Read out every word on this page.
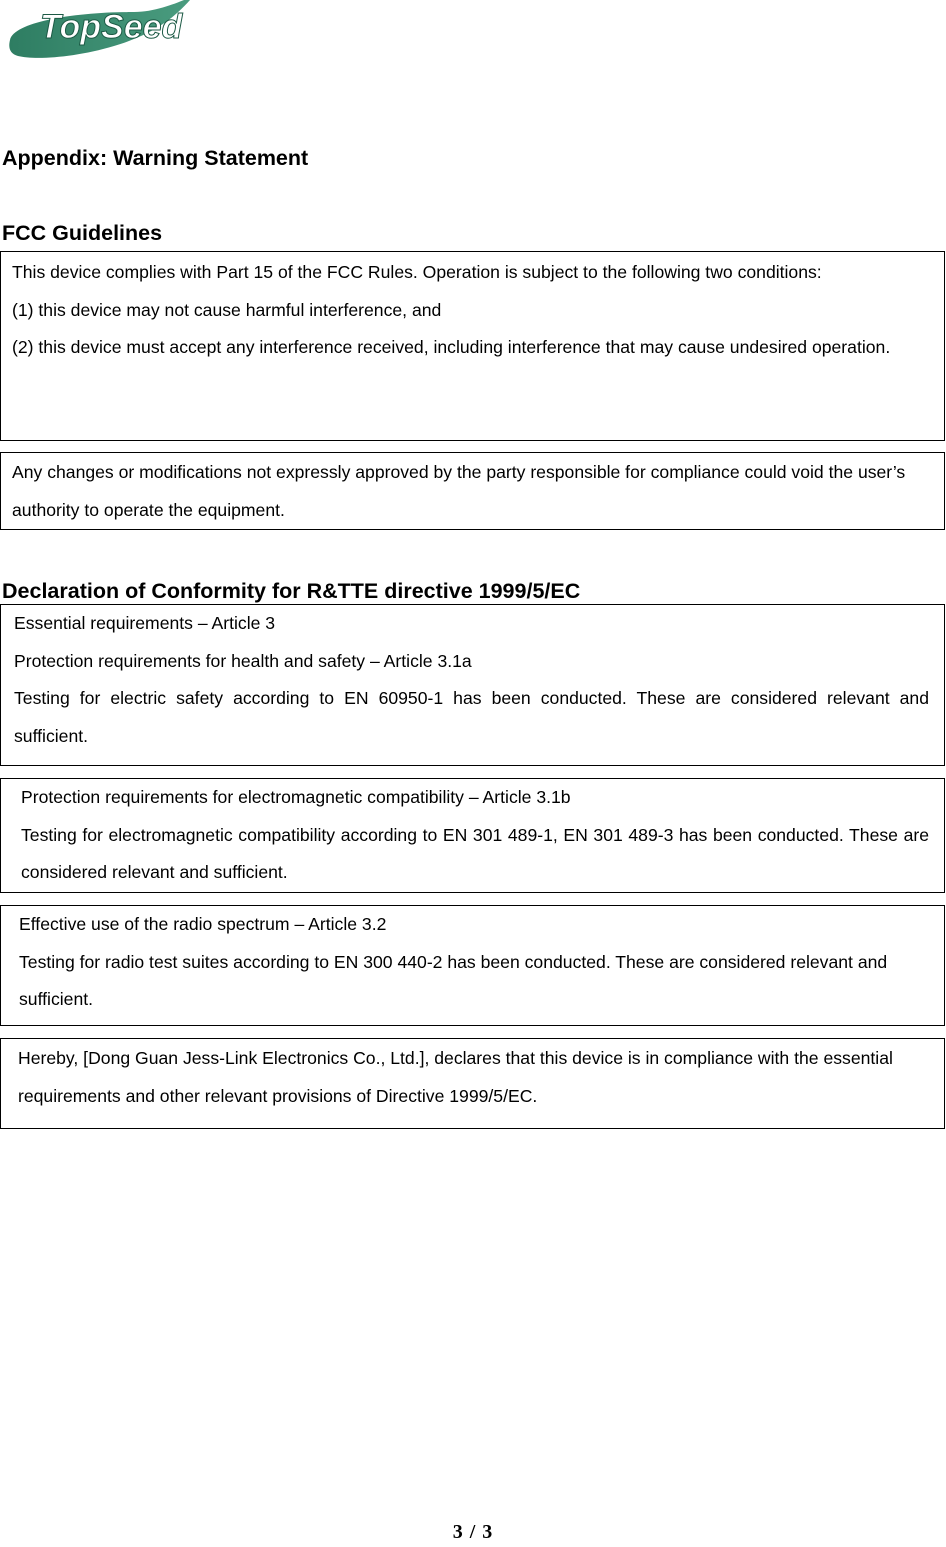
TopSeed
Appendix: Warning Statement
FCC Guidelines

This device complies with Part 15 of the FCC Rules. Operation is subject to the following two conditions:

(1) this device may not cause harmful interference, and

(2) this device must accept any interference received, including interference that may cause undesired operation.

Any changes or modifications not expressly approved by the party responsible for compliance could void the user’s authority to operate the equipment.

Declaration of Conformity for R&TTE directive 1999/5/EC

Essential requirements – Article 3

Protection requirements for health and safety – Article 3.1a

Testing for electric safety according to EN 60950-1 has been conducted. These are considered relevant and sufficient.

Protection requirements for electromagnetic compatibility – Article 3.1b

Testing for electromagnetic compatibility according to EN 301 489-1, EN 301 489-3 has been conducted. These are considered relevant and sufficient.

Effective use of the radio spectrum – Article 3.2

Testing for radio test suites according to EN 300 440-2 has been conducted. These are considered relevant and sufficient.

Hereby, [Dong Guan Jess-Link Electronics Co., Ltd.], declares that this device is in compliance with the essential requirements and other relevant provisions of Directive 1999/5/EC.

3 / 3
